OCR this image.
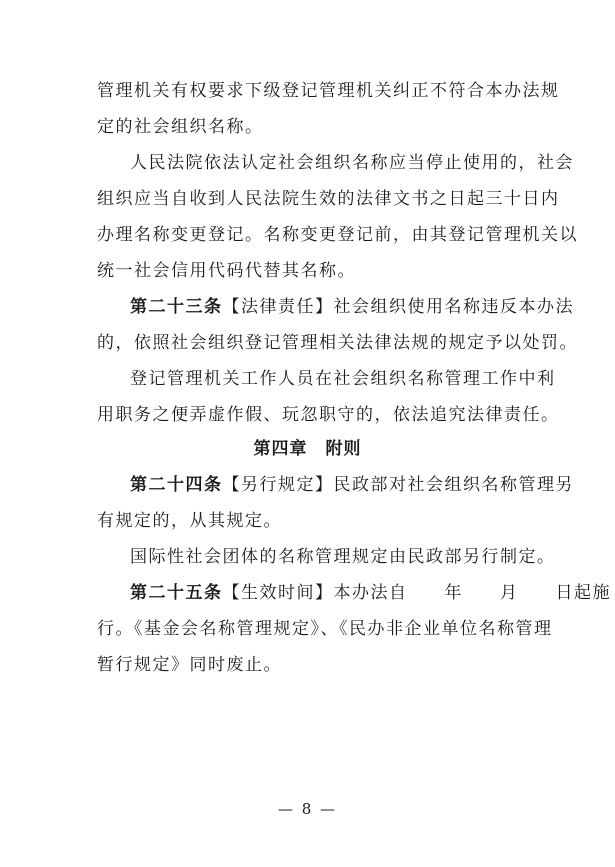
管理机关有权要求下级登记管理机关纠正不符合本办法规
定的社会组织名称。
人民法院依法认定社会组织名称应当停止使用的，社会
组织应当自收到人民法院生效的法律文书之日起三十日内
办理名称变更登记。名称变更登记前，由其登记管理机关以
统一社会信用代码代替其名称。
第二十三条【法律责任】社会组织使用名称违反本办法
的，依照社会组织登记管理相关法律法规的规定予以处罚。
登记管理机关工作人员在社会组织名称管理工作中利
用职务之便弄虚作假、玩忽职守的，依法追究法律责任。
第四章　附则
第二十四条【另行规定】民政部对社会组织名称管理另
有规定的，从其规定。
国际性社会团体的名称管理规定由民政部另行制定。
第二十五条【生效时间】本办法自　　年　　月　　日起施
行。《基金会名称管理规定》、《民办非企业单位名称管理
暂行规定》同时废止。
— 8 —
